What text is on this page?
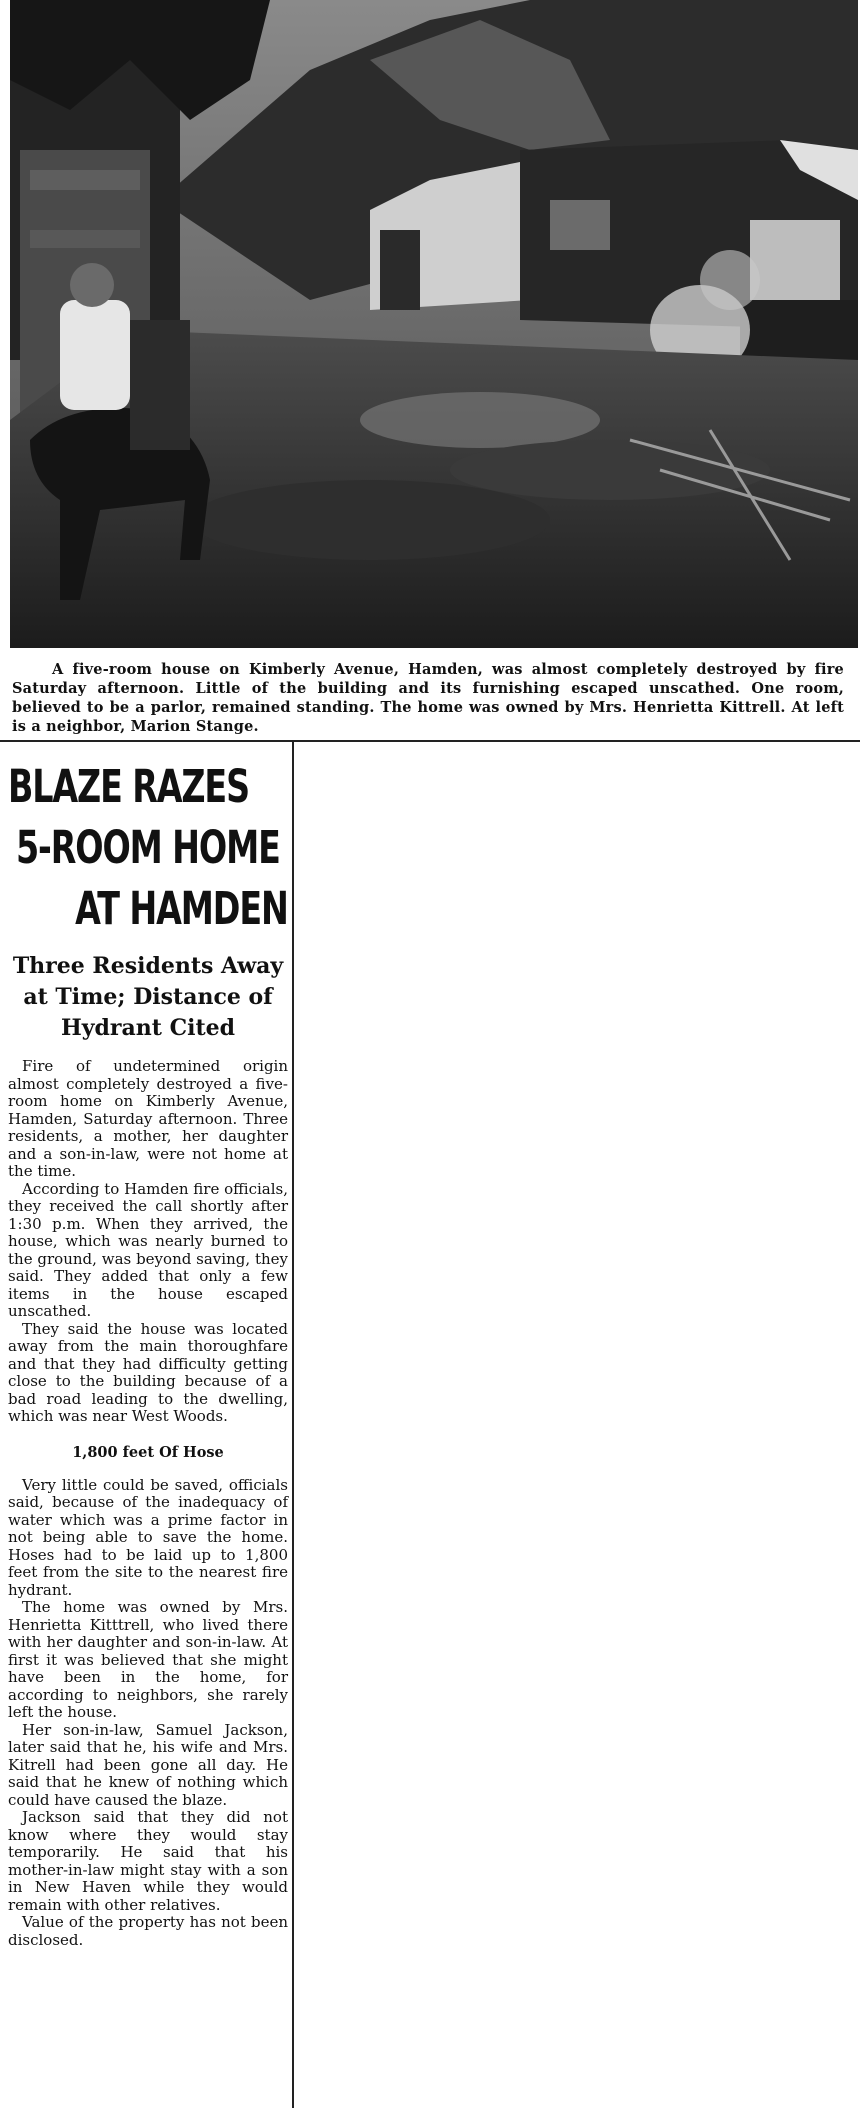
A five-room house on Kimberly Avenue, Hamden, was almost completely destroyed by fire Saturday afternoon. Little of the building and its furnishing escaped unscathed. One room, believed to be a parlor, remained standing. The home was owned by Mrs. Henrietta Kittrell. At left is a neighbor, Marion Stange.
BLAZE RAZES
5-ROOM HOME
AT HAMDEN
Three Residents Away at Time; Distance of Hydrant Cited

Fire of undetermined origin almost completely destroyed a five-room home on Kimberly Avenue, Hamden, Saturday afternoon. Three residents, a mother, her daughter and a son-in-law, were not home at the time.

According to Hamden fire officials, they received the call shortly after 1:30 p.m. When they arrived, the house, which was nearly burned to the ground, was beyond saving, they said. They added that only a few items in the house escaped unscathed.

They said the house was located away from the main thoroughfare and that they had difficulty getting close to the building because of a bad road leading to the dwelling, which was near West Woods.

1,800 feet Of Hose

Very little could be saved, officials said, because of the inadequacy of water which was a prime factor in not being able to save the home. Hoses had to be laid up to 1,800 feet from the site to the nearest fire hydrant.

The home was owned by Mrs. Henrietta Kitttrell, who lived there with her daughter and son-in-law. At first it was believed that she might have been in the home, for according to neighbors, she rarely left the house.

Her son-in-law, Samuel Jackson, later said that he, his wife and Mrs. Kitrell had been gone all day. He said that he knew of nothing which could have caused the blaze.

Jackson said that they did not know where they would stay temporarily. He said that his mother-in-law might stay with a son in New Haven while they would remain with other relatives.

Value of the property has not been disclosed.
